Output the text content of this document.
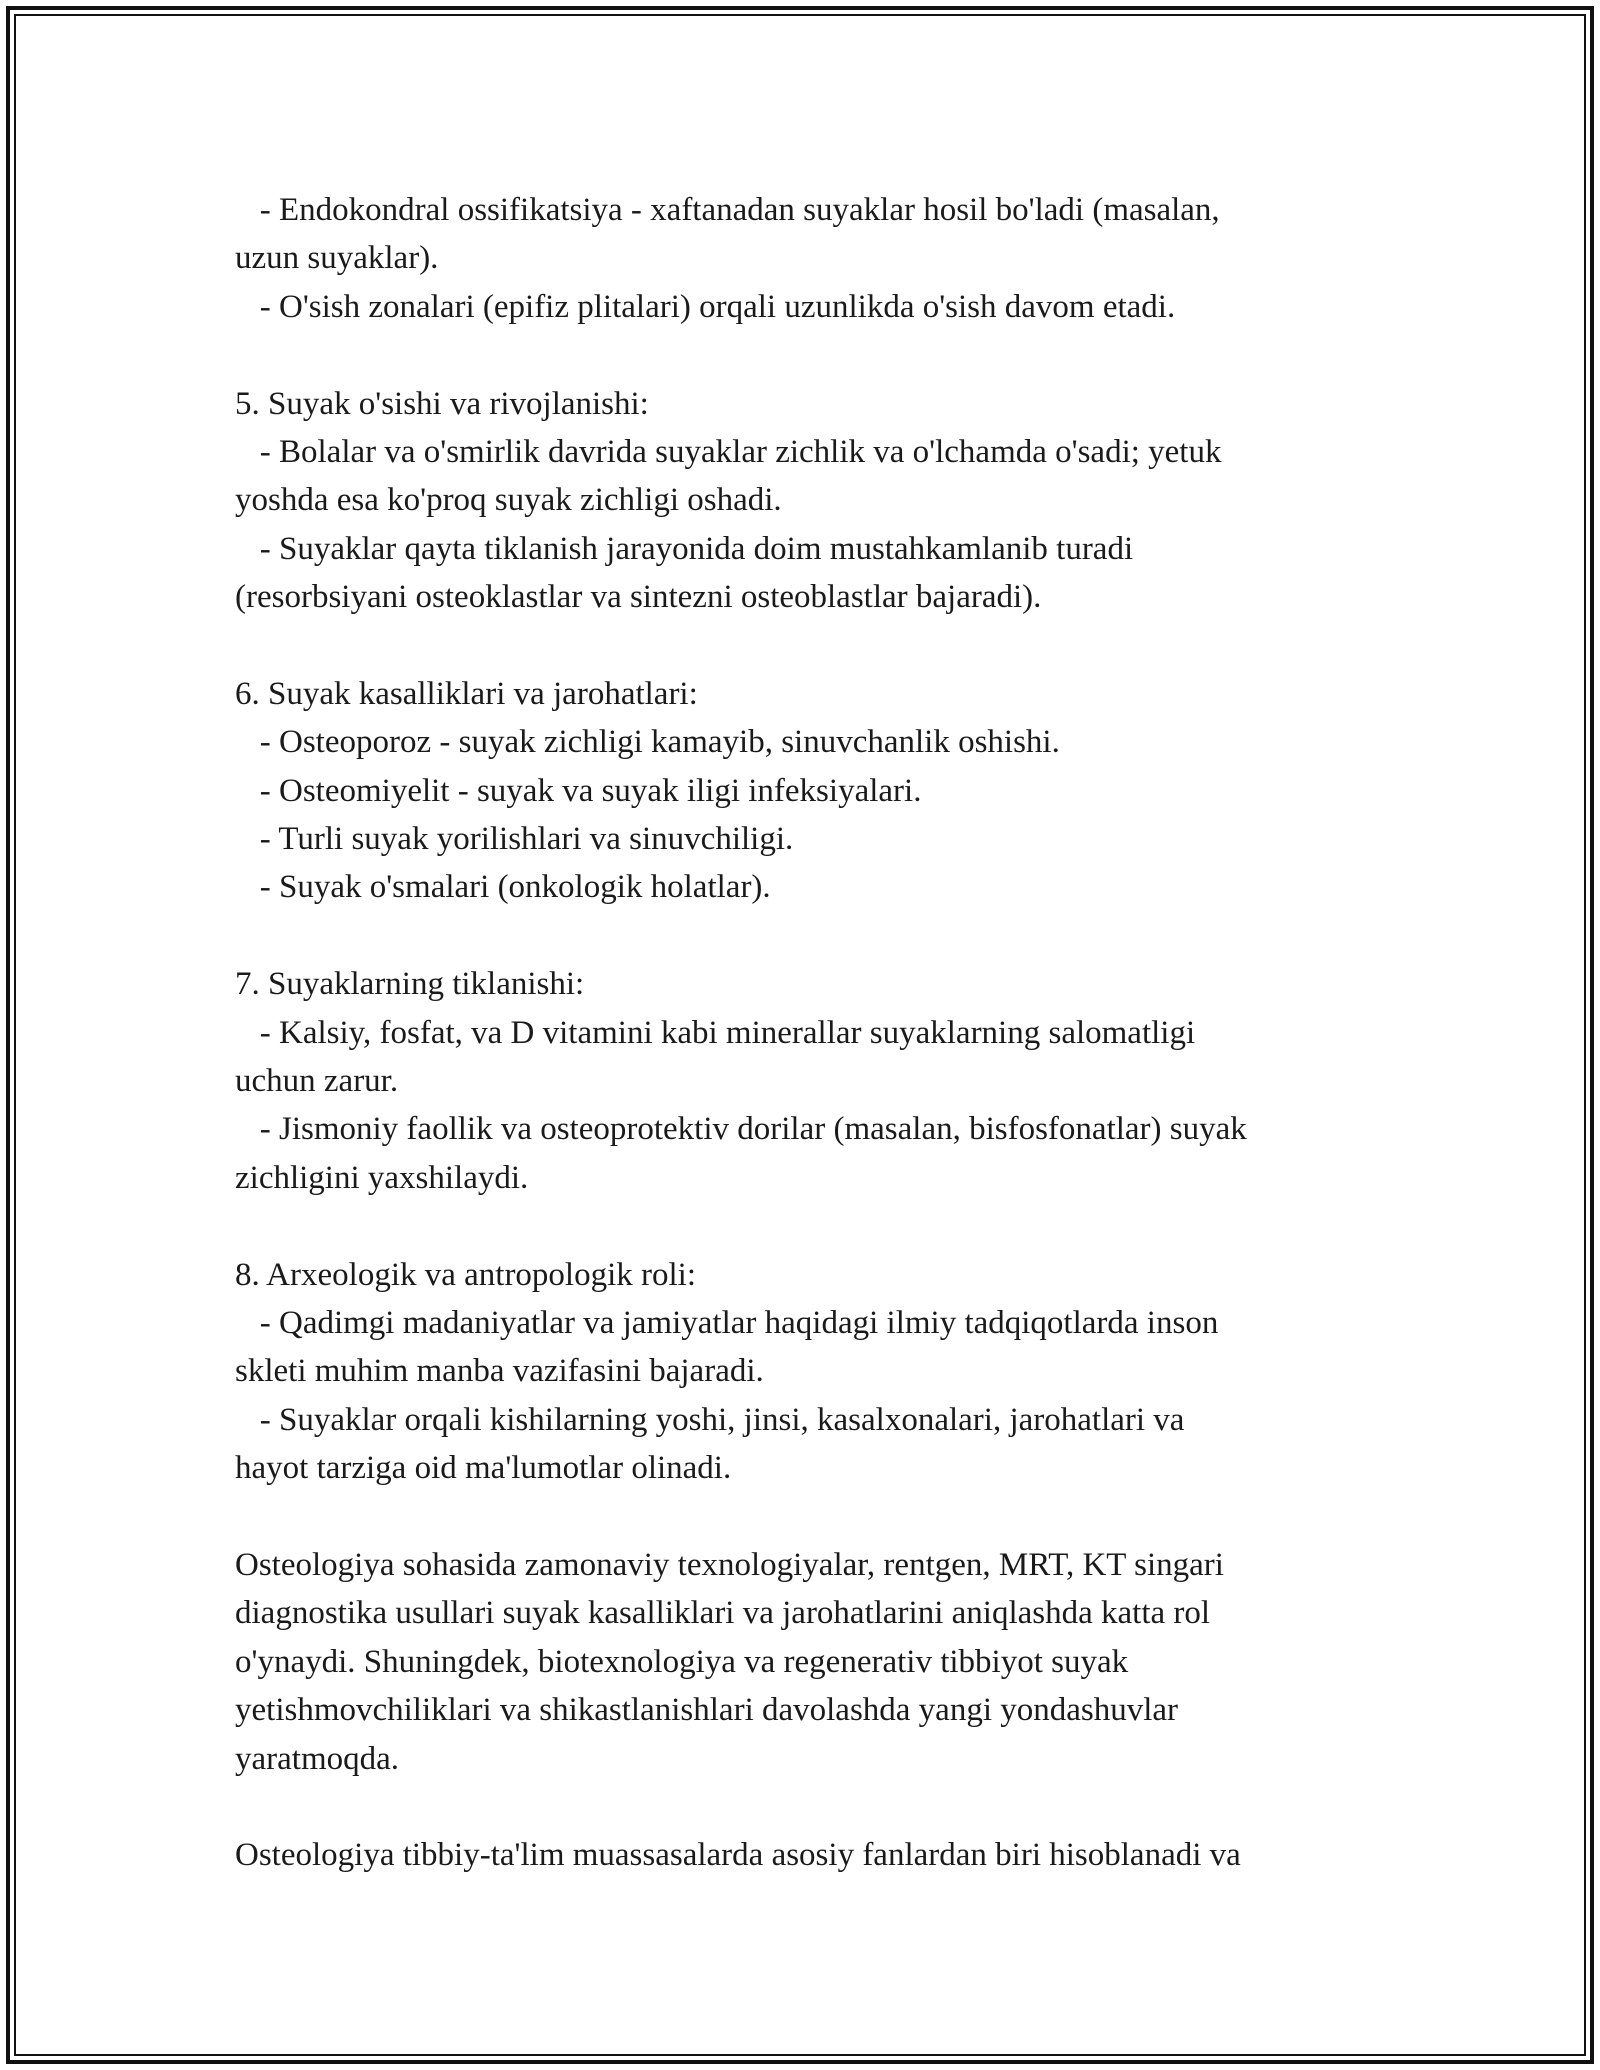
- Endokondral ossifikatsiya - xaftanadan suyaklar hosil bo'ladi (masalan,
uzun suyaklar).
- O'sish zonalari (epifiz plitalari) orqali uzunlikda o'sish davom etadi.
5. Suyak o'sishi va rivojlanishi:
- Bolalar va o'smirlik davrida suyaklar zichlik va o'lchamda o'sadi; yetuk
yoshda esa ko'proq suyak zichligi oshadi.
- Suyaklar qayta tiklanish jarayonida doim mustahkamlanib turadi
(resorbsiyani osteoklastlar va sintezni osteoblastlar bajaradi).
6. Suyak kasalliklari va jarohatlari:
- Osteoporoz - suyak zichligi kamayib, sinuvchanlik oshishi.
- Osteomiyelit - suyak va suyak iligi infeksiyalari.
- Turli suyak yorilishlari va sinuvchiligi.
- Suyak o'smalari (onkologik holatlar).
7. Suyaklarning tiklanishi:
- Kalsiy, fosfat, va D vitamini kabi minerallar suyaklarning salomatligi
uchun zarur.
- Jismoniy faollik va osteoprotektiv dorilar (masalan, bisfosfonatlar) suyak
zichligini yaxshilaydi.
8. Arxeologik va antropologik roli:
- Qadimgi madaniyatlar va jamiyatlar haqidagi ilmiy tadqiqotlarda inson
skleti muhim manba vazifasini bajaradi.
- Suyaklar orqali kishilarning yoshi, jinsi, kasalxonalari, jarohatlari va
hayot tarziga oid ma'lumotlar olinadi.
Osteologiya sohasida zamonaviy texnologiyalar, rentgen, MRT, KT singari
diagnostika usullari suyak kasalliklari va jarohatlarini aniqlashda katta rol
o'ynaydi. Shuningdek, biotexnologiya va regenerativ tibbiyot suyak
yetishmovchiliklari va shikastlanishlari davolashda yangi yondashuvlar
yaratmoqda.
Osteologiya tibbiy-ta'lim muassasalarda asosiy fanlardan biri hisoblanadi va
